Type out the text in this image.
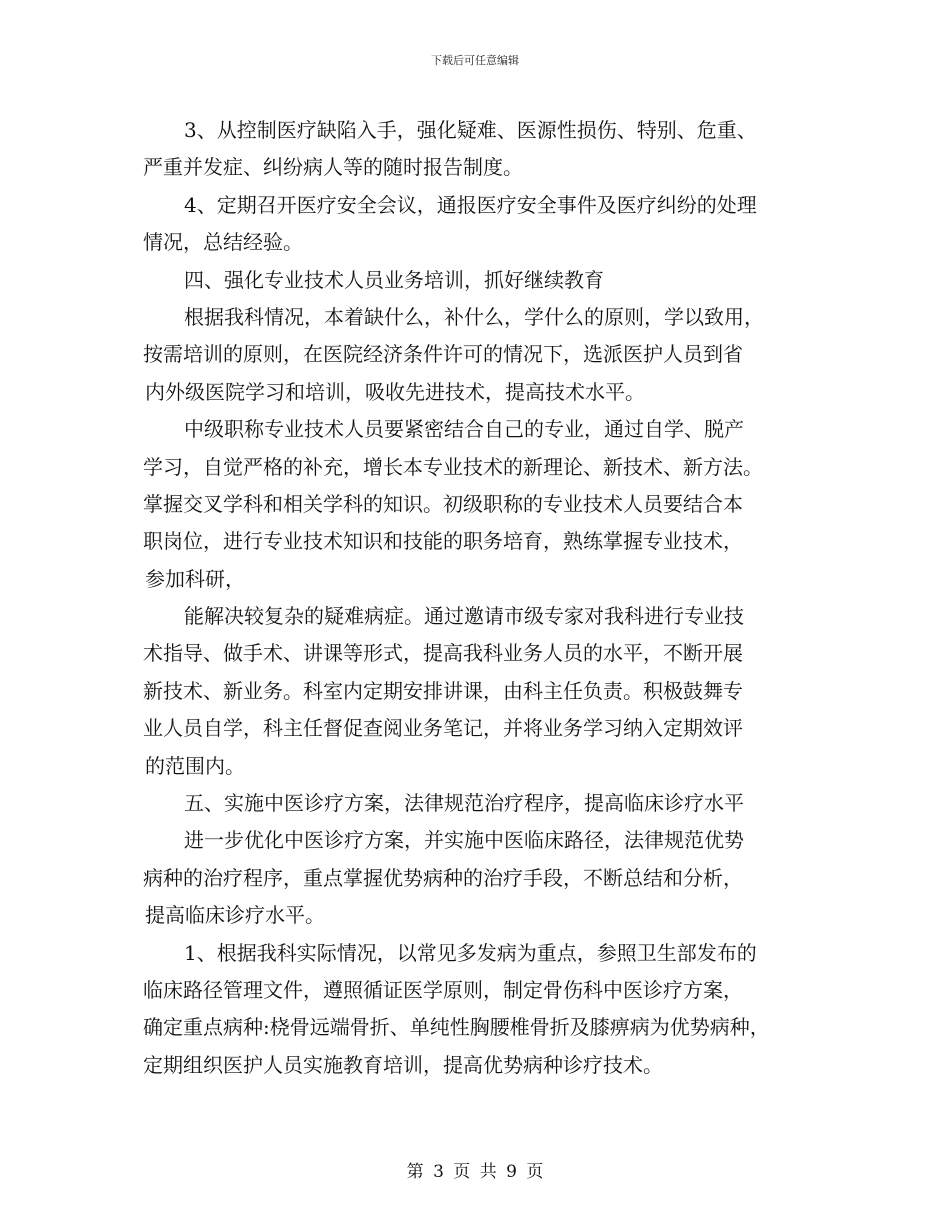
下载后可任意编辑
3、从控制医疗缺陷入手，强化疑难、医源性损伤、特别、危重、
严重并发症、纠纷病人等的随时报告制度。
4、定期召开医疗安全会议，通报医疗安全事件及医疗纠纷的处理
情况，总结经验。
四、强化专业技术人员业务培训，抓好继续教育
根据我科情况，本着缺什么，补什么，学什么的原则，学以致用，
按需培训的原则，在医院经济条件许可的情况下，选派医护人员到省
内外级医院学习和培训，吸收先进技术，提高技术水平。
中级职称专业技术人员要紧密结合自己的专业，通过自学、脱产
学习，自觉严格的补充，增长本专业技术的新理论、新技术、新方法。
掌握交叉学科和相关学科的知识。初级职称的专业技术人员要结合本
职岗位，进行专业技术知识和技能的职务培育，熟练掌握专业技术，
参加科研，
能解决较复杂的疑难病症。通过邀请市级专家对我科进行专业技
术指导、做手术、讲课等形式，提高我科业务人员的水平，不断开展
新技术、新业务。科室内定期安排讲课，由科主任负责。积极鼓舞专
业人员自学，科主任督促查阅业务笔记，并将业务学习纳入定期效评
的范围内。
五、实施中医诊疗方案，法律规范治疗程序，提高临床诊疗水平
进一步优化中医诊疗方案，并实施中医临床路径，法律规范优势
病种的治疗程序，重点掌握优势病种的治疗手段，不断总结和分析，
提高临床诊疗水平。
1、根据我科实际情况，以常见多发病为重点，参照卫生部发布的
临床路径管理文件，遵照循证医学原则，制定骨伤科中医诊疗方案，
确定重点病种:桡骨远端骨折、单纯性胸腰椎骨折及膝痹病为优势病种，
定期组织医护人员实施教育培训，提高优势病种诊疗技术。
第 3 页 共 9 页
